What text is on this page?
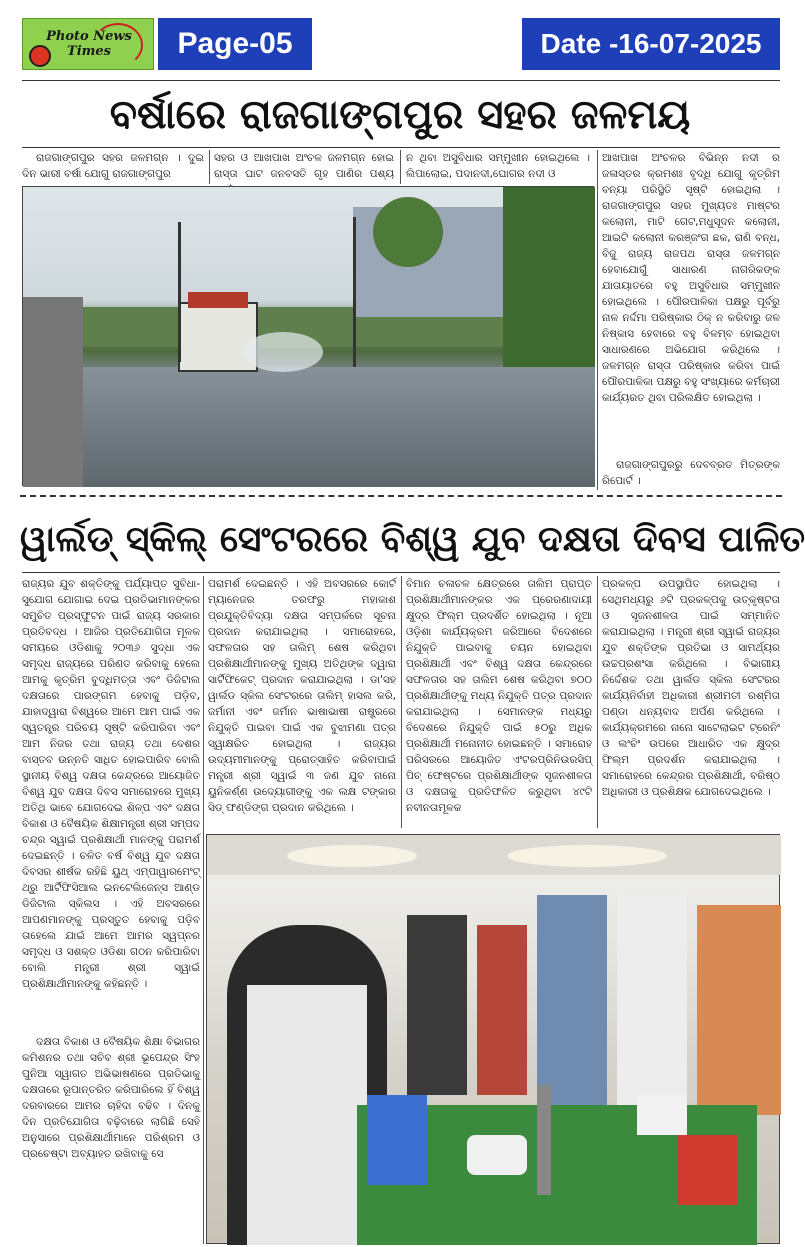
Photo News Times	Page-05	Date -16-07-2025
ବର୍ଷାରେ ରାଜଗାଙ୍ଗପୁର ସହର ଜଳମୟ

ରାଜଗାଙ୍ଗପୁର ସହର ଜଳମଗ୍ନ । ଦୁଇ ଦିନ ଭାରୀ ବର୍ଷା ଯୋଗୁ ରାଜଗାଙ୍ଗପୁର

ସହର ଓ ଆଖପାଖ ଅଂଚଳ ଜଳମଗ୍ନ ହୋଇ ରାସ୍ତା ଘାଟ ଜନବସତି ଗୃହ ପାଣିର ପଶ୍ୟ

ନ ଥିବା ଅସୁବିଧାର ସମ୍ମୁଖୀନ ହୋଇଥିଲେ । ଲିପାଲୋଇ, ପଦାନଦୀ,ଘୋଗର ନଦୀ ଓ

ଆଖପାଖ ଅଂଚଳର ବିଭିନ୍ନ ନଦୀ ର ଜଳାସ୍ତର କ୍ରମଶଃ ବୃଦ୍ଧି ଯୋଗୁ କୃତ୍ରିମ ବନ୍ୟା ପରିସ୍ଥିତି ସୃଷ୍ଟି ହୋଇଥିଲା । ରାଜଗାଙ୍ଗପୁର ସହର ମୁଖ୍ୟତଃ ମାଷ୍ଟର କଲୋନୀ, ମାଟି ଗେଟ,ମଧୁସୂଦନ କଲୋନୀ, ଆଇଟି କଲୋନୀ କରଞ୍ଜଂଗ ଛକ, ରାଣି ବନ୍ଧ, ବିଜୁ ରାଜ୍ୟ ରାଜପଥ ରାସ୍ତା ଜଳମଗ୍ନ ହେବାଯୋଗୁଁ ସାଧାରଣ ନାଗରିକଙ୍କ ଯାତାୟାତରେ ବହୁ ଅସୁବିଧାର ସମ୍ମୁଖୀନ ହୋଇଥିଲେ । ପୌରପାଳିକା ପକ୍ଷରୁ ପୂର୍ବରୁ ନାଳ ନର୍ଦ୍ଦମା ପରିଷ୍କାର ଠିକ୍ ନ କରିବାରୁ ଜଳ ନିଷ୍କାସ ହେବାରେ ବହୁ ବିଳମ୍ବ ହୋଇଥିବା ସାଧାରଣରେ ଅଭିଯୋଗ କରିଥିଲେ ।ଜଳମଗ୍ନ ରାସ୍ତା ପରିଷ୍କାର କରିବା ପାଇଁ ପୌରପାଳିକା ପକ୍ଷରୁ ବହୁ ସଂଖ୍ୟାରେ କର୍ମଚାରୀ କାର୍ଯ୍ୟରତ ଥିବା ପରିଲକ୍ଷିତ ହୋଇଥିଲା ।

ରାଜଗାଙ୍ଗପୁରରୁ ଦେବବ୍ରତ ମିତ୍ରଙ୍କ ରିପୋର୍ଟ ।

ୱାର୍ଲଡ୍ ସ୍କିଲ୍ ସେଂଟରରେ ବିଶ୍ୱ ଯୁବ ଦକ୍ଷତା ଦିବସ ପାଳିତ

ରାଜ୍ୟର ଯୁବ ଶକ୍ତିଙ୍କୁ ପର୍ଯ୍ୟାପ୍ତ ସୁବିଧା-ସୁଯୋଗ ଯୋଗାଇ ଦେଇ ପ୍ରତିଭାମାନଙ୍କର ସମୁଚିତ ପ୍ରସ୍ଫୁଟନ ପାଇଁ ରାଜ୍ୟ ସରକାର ପ୍ରତିବଦ୍ଧ । ଆଜିର ପ୍ରତିଯୋଗିତା ମୂଳକ ସମୟରେ ଓଡିଶାକୁ ୨୦୩୬ ସୁଦ୍ଧା ଏକ ସମୃଦ୍ଧ ରାଜ୍ୟରେ ପରିଣତ କରିବାକୁ ହେଲେ ଆମକୁ କୃତ୍ରିମ ବୁଦ୍ଧିମତ୍ତା ଏବଂ ଡିଜିଟାଲ ଦକ୍ଷତାରେ ପାରଙ୍ଗମ ହେବାକୁ ପଡ଼ିବ, ଯାହାଦ୍ୱାରା ବିଶ୍ୱରେ ଆମେ ଆମ ପାଇଁ ଏକ ସ୍ୱତନ୍ତ୍ର ପରିଚୟ ସୃଷ୍ଟି କରିପାରିବା ଏବଂ ଆମ ନିଜର ତଥା ରାଜ୍ୟ ତଥା ଦେଶର ବାସ୍ତବ ଉନ୍ନତି ସାଧିତ ହୋଇପାରିବ ବୋଲି ସ୍ଥାନୀୟ ବିଶ୍ୱ ଦକ୍ଷତା କେନ୍ଦ୍ରରେ ଆୟୋଜିତ ବିଶ୍ୱ ଯୁବ ଦକ୍ଷତା ଦିବସ ସମାରୋହରେ ମୁଖ୍ୟ ଅତିଥି ଭାବେ ଯୋଗଦେଇ ଶିଳ୍ପ ଏବଂ ଦକ୍ଷତା ବିକାଶ ଓ ବୈଷୟିକ ଶିକ୍ଷାମନ୍ତ୍ରୀ ଶ୍ରୀ ସମ୍ପଦ ଚନ୍ଦ୍ର ସ୍ୱାଇଁ ପ୍ରଶିକ୍ଷାର୍ଥୀ ମାନଙ୍କୁ ପରାମର୍ଶ ଦେଇଛନ୍ତି । ଚଳିତ ବର୍ଷ ବିଶ୍ୱ ଯୁବ ଦକ୍ଷତା ଦିବସର ଶୀର୍ଷକ ରହିଛି ୟୁଥ୍ ଏମ୍ପାୱାରମେଂଟ୍ ଥ୍ରୁ ଆର୍ଟିଫିସିଆଲ ଇନଟେଲିଜେନ୍ସ ଆଣ୍ଡ ଡିଜିଟାଲ ସ୍କିଲସ । ଏହି ଅବସରରେ ଆପଣମାନଙ୍କୁ ପ୍ରସ୍ତୁତ ହେବାକୁ ପଡ଼ିବ ତାହେଲେ ଯାଇଁ ଆମେ ଆମର ସ୍ୱପ୍ନର ସମୃଦ୍ଧ ଓ ସଶକ୍ତ ଓଡିଶା ଗଠନ କରିପାରିବା ବୋଲି ମନ୍ତ୍ରୀ ଶ୍ରୀ ସ୍ୱାଇଁ ପ୍ରଶିକ୍ଷାର୍ଥୀମାନଙ୍କୁ କହିଛନ୍ତି ।

ଦକ୍ଷତା ବିକାଶ ଓ ବୈଷୟିକ ଶିକ୍ଷା ବିଭାଗର କମିଶନର ତଥା ସଚିବ ଶ୍ରୀ ଭୂପେନ୍ଦ୍ର ସିଂହ ପୁନିଆ ସ୍ୱାଗତ ଅଭିଭାଷଣରେ ପ୍ରତିଭାକୁ ଦକ୍ଷତାରେ ରୂପାନ୍ତରିତ କରିପାରିଲେ ହିଁ ବିଶ୍ୱ ଦରବାରରେ ଆମର ଚାହିଦା ବଢିବ । ଦିନକୁ ଦିନ ପ୍ରତିଯୋଗିତା ବଢ଼ିବାରେ ଲାଗିଛି ସେହି ଅନୁସାରେ ପ୍ରଶିକ୍ଷାର୍ଥୀମାନେ ପରିଶ୍ରମ ଓ ପ୍ରଚେଷ୍ଟା ଅବ୍ୟାହତ ରଖିବାକୁ ସେ

ପରାମର୍ଶ ଦେଇଛନ୍ତି । ଏହି ଅବସରରେ କୋର୍ଟ ମ୍ୟାନେଜର ତରଫରୁ ମହାକାଶ ପ୍ରଯୁକ୍ତିବିଦ୍ୟା ଦକ୍ଷତା ସମ୍ପର୍କରେ ସୂଚନା ପ୍ରଦାନ କରାଯାଇଥିଲା । ସମାରୋହରେ, ସଫଳତାର ସହ ତାଲିମ୍ ଶେଷ କରିଥିବା ପ୍ରଶିକ୍ଷାର୍ଥୀମାନଙ୍କୁ ମୁଖ୍ୟ ଅତିଥିଙ୍କ ଦ୍ୱାରା ସାର୍ଟିଫିକେଟ୍ ପ୍ରଦାନ କରାଯାଇଥିଲା । ଡା'ସହ ୱାର୍ଲଡ ସ୍କିଲ ସେଂଟରରେ ତାଲିମ୍ ହାସଲ କରି, ଜର୍ମାନୀ ଏବଂ ଜର୍ମାନ ଭାଷାଭାଷୀ ରାଷ୍ଟ୍ରରେ ନିଯୁକ୍ତି ପାଇବା ପାଇଁ ଏକ ବୁଝାମଣା ପତ୍ର ସ୍ୱାକ୍ଷରିତ ହୋଇଥିଲା । ରାଜ୍ୟର ଉଦ୍ୟମୀମାନଙ୍କୁ ପ୍ରୋତ୍ସାହିତ କରିବାପାଇଁ ମନ୍ତ୍ରୀ ଶ୍ରୀ ସ୍ୱାଇଁ ୩ ଜଣ ଯୁବ ନାନୋ ୟୁନିକର୍ଣ୍ଣ ଉଦ୍ୟୋଗୀଙ୍କୁ ଏକ ଲକ୍ଷ ଟଙ୍କାର ସିଡ୍ ଫଣ୍ଡିଙ୍ଗ ପ୍ରଦାନ କରିଥିଲେ ।

ବିମାନ ଚଳାଚଳ କ୍ଷେତ୍ରରେ ତାଲିମ ପ୍ରାପ୍ତ ପ୍ରଶିକ୍ଷାର୍ଥୀମାନଙ୍କର ଏକ ପ୍ରେରଣାଦାୟୀ କ୍ଷୁଦ୍ର ଫିଲ୍ମ ପ୍ରଦର୍ଶିତ ହୋଇଥିଲା । ନୂଆ ଓଡ଼ିଶା କାର୍ଯ୍ୟକ୍ରମ ଜରିଆରେ ବିଦେଶରେ ନିଯୁକ୍ତି ପାଇବାକୁ ଚୟନ ହୋଇଥିବା ପ୍ରଶିକ୍ଷାର୍ଥୀ ଏବଂ ବିଶ୍ୱ ଦକ୍ଷତା କେନ୍ଦ୍ରରେ ସଫଳତାର ସହ ତାଲିମ ଶେଷ କରିଥିବା ୭୦୦ ପ୍ରଶିକ୍ଷାର୍ଥୀଙ୍କୁ ମଧ୍ୟ ନିଯୁକ୍ତି ପତ୍ର ପ୍ରଦାନ କରାଯାଇଥିଲା । ସେମାନଙ୍କ ମଧ୍ୟରୁ ବିଦେଶରେ ନିଯୁକ୍ତି ପାଇଁ ୫୦ରୁ ଅଧିକ ପ୍ରଶିକ୍ଷାର୍ଥୀ ମନୋନୀତ ହୋଇଛନ୍ତି । ସମାରୋହ ପରିସରରେ ଆୟୋଜିତ ଏଂଟରପ୍ରିନିଉରସିପ୍ ପିଚ୍ ଫେଷ୍ଟରେ ପ୍ରଶିକ୍ଷାର୍ଥୀଙ୍କ ସୃଜନଶୀଳତା ଓ ଦକ୍ଷତାକୁ ପ୍ରତିଫଳିତ କରୁଥିବା ୪୯ଟି ନବୀନତାମୂଳକ

ପ୍ରକଳ୍ପ ଉପସ୍ଥାପିତ ହୋଇଥିଲା । ସେଥିମଧ୍ୟରୁ ୬ଟି ପ୍ରକଳ୍ପକୁ ଉତ୍କୃଷ୍ଟତା ଓ ସୃଜନଶୀଳତା ପାଇଁ ସମ୍ମାନିତ କରାଯାଇଥିଲା । ମନ୍ତ୍ରୀ ଶ୍ରୀ ସ୍ୱାଇଁ ରାଜ୍ୟର ଯୁବ ଶକ୍ତିଙ୍କ ପ୍ରତିଭା ଓ ସାମର୍ଥ୍ୟର ଉଚ୍ଚପ୍ରଶଂସା କରିଥିଲେ । ବିଭାଗୀୟ ନିର୍ଦ୍ଦେଶକ ତଥା ୱାର୍ଲଡ ସ୍କିଲ ସେଂଟରର କାର୍ଯ୍ୟନିର୍ବାହୀ ଅଧିକାରୀ ଶ୍ରୀମତୀ ରଶ୍ମିତା ପଣ୍ଡା ଧନ୍ୟବାଦ ଅର୍ପଣ କରିଥିଲେ । କାର୍ଯ୍ୟକ୍ରମରେ ନାନୋ ସାଟେଲାଇଟ ଟ୍ରେନିଂ ଓ ଲଂଚିଂ ଉପରେ ଆଧାରିତ ଏକ କ୍ଷୁଦ୍ର ଫିଲ୍ମ ପ୍ରଦର୍ଶନ କରାଯାଇଥିଲା । ସମାରୋହରେ କେନ୍ଦ୍ରର ପ୍ରଶିକ୍ଷାର୍ଥୀ, ବରିଷ୍ଠ ଅଧିକାରୀ ଓ ପ୍ରଶିକ୍ଷକ ଯୋଗଦେଇଥିଲେ ।
